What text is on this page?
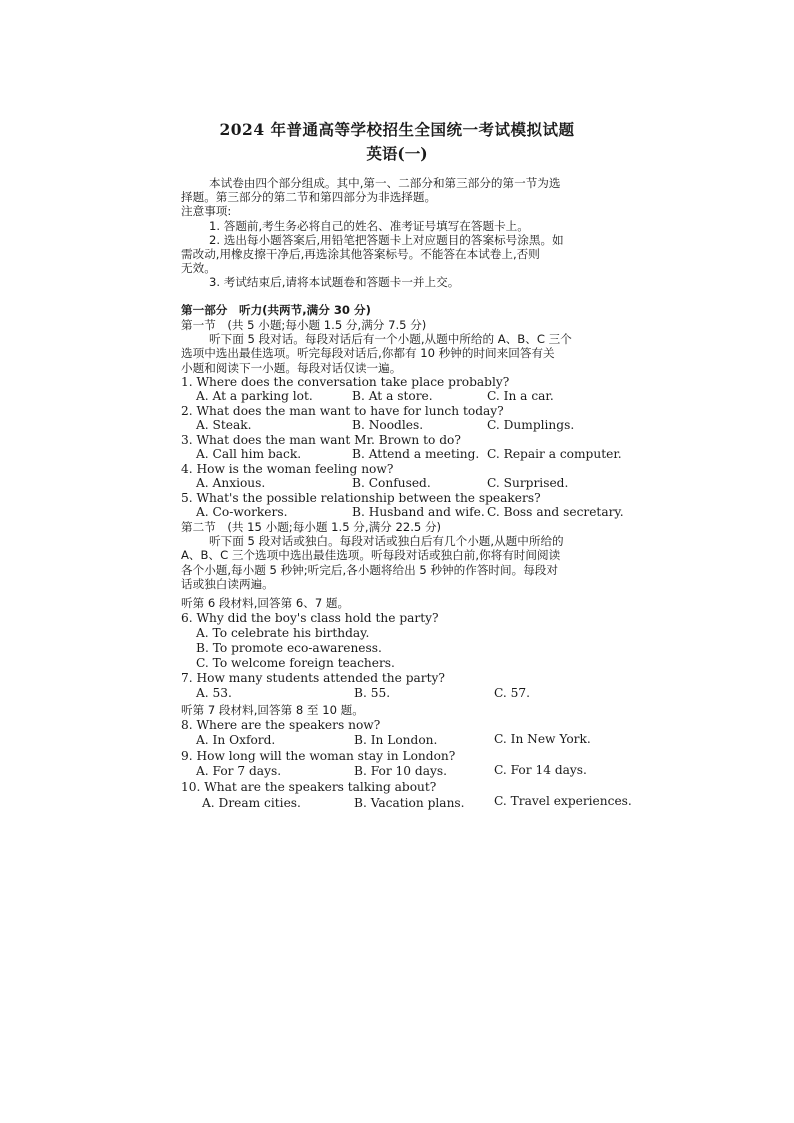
2024 年普通高等学校招生全国统一考试模拟试题
英语(一)
本试卷由四个部分组成。其中,第一、二部分和第三部分的第一节为选
择题。第三部分的第二节和第四部分为非选择题。
注意事项:
1. 答题前,考生务必将自己的姓名、准考证号填写在答题卡上。
2. 选出每小题答案后,用铅笔把答题卡上对应题目的答案标号涂黑。如
需改动,用橡皮擦干净后,再选涂其他答案标号。不能答在本试卷上,否则
无效。
3. 考试结束后,请将本试题卷和答题卡一并上交。
第一部分　听力(共两节,满分 30 分)
第一节　(共 5 小题;每小题 1.5 分,满分 7.5 分)
听下面 5 段对话。每段对话后有一个小题,从题中所给的 A、B、C 三个
选项中选出最佳选项。听完每段对话后,你都有 10 秒钟的时间来回答有关
小题和阅读下一小题。每段对话仅读一遍。
1. Where does the conversation take place probably?
A. At a parking lot.	B. At a store.	C. In a car.
2. What does the man want to have for lunch today?
A. Steak.	B. Noodles.	C. Dumplings.
3. What does the man want Mr. Brown to do?
A. Call him back.	B. Attend a meeting. C. Repair a computer.
4. How is the woman feeling now?
A. Anxious.	B. Confused.	C. Surprised.
5. What's the possible relationship between the speakers?
A. Co-workers.	B. Husband and wife. C. Boss and secretary.
第二节　(共 15 小题;每小题 1.5 分,满分 22.5 分)
听下面 5 段对话或独白。每段对话或独白后有几个小题,从题中所给的
A、B、C 三个选项中选出最佳选项。听每段对话或独白前,你将有时间阅读
各个小题,每小题 5 秒钟;听完后,各小题将给出 5 秒钟的作答时间。每段对
话或独白读两遍。
听第 6 段材料,回答第 6、7 题。
6. Why did the boy's class hold the party?
A. To celebrate his birthday.
B. To promote eco-awareness.
C. To welcome foreign teachers.
7. How many students attended the party?
A. 53.	B. 55.	C. 57.
听第 7 段材料,回答第 8 至 10 题。
8. Where are the speakers now?
A. In Oxford.	B. In London.	C. In New York.
9. How long will the woman stay in London?
A. For 7 days.	B. For 10 days.	C. For 14 days.
10. What are the speakers talking about?
A. Dream cities.	B. Vacation plans. C. Travel experiences.
